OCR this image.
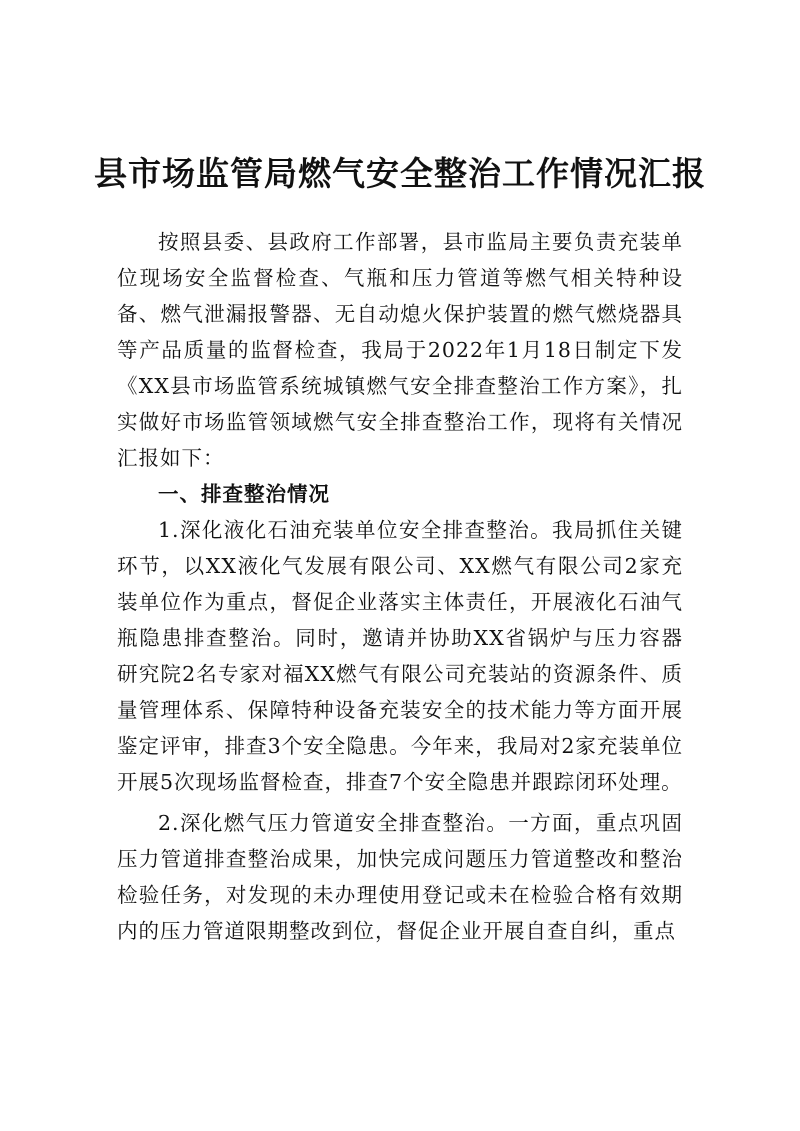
县市场监管局燃气安全整治工作情况汇报

按照县委、县政府工作部署，县市监局主要负责充装单位现场安全监督检查、气瓶和压力管道等燃气相关特种设备、燃气泄漏报警器、无自动熄火保护装置的燃气燃烧器具等产品质量的监督检查，我局于2022年1月18日制定下发《XX县市场监管系统城镇燃气安全排查整治工作方案》，扎实做好市场监管领域燃气安全排查整治工作，现将有关情况汇报如下：

一、排查整治情况

1.深化液化石油充装单位安全排查整治。我局抓住关键环节，以XX液化气发展有限公司、XX燃气有限公司2家充装单位作为重点，督促企业落实主体责任，开展液化石油气瓶隐患排查整治。同时，邀请并协助XX省锅炉与压力容器研究院2名专家对福XX燃气有限公司充装站的资源条件、质量管理体系、保障特种设备充装安全的技术能力等方面开展鉴定评审，排查3个安全隐患。今年来，我局对2家充装单位开展5次现场监督检查，排查7个安全隐患并跟踪闭环处理。

2.深化燃气压力管道安全排查整治。一方面，重点巩固压力管道排查整治成果，加快完成问题压力管道整改和整治检验任务，对发现的未办理使用登记或未在检验合格有效期内的压力管道限期整改到位，督促企业开展自查自纠，重点
